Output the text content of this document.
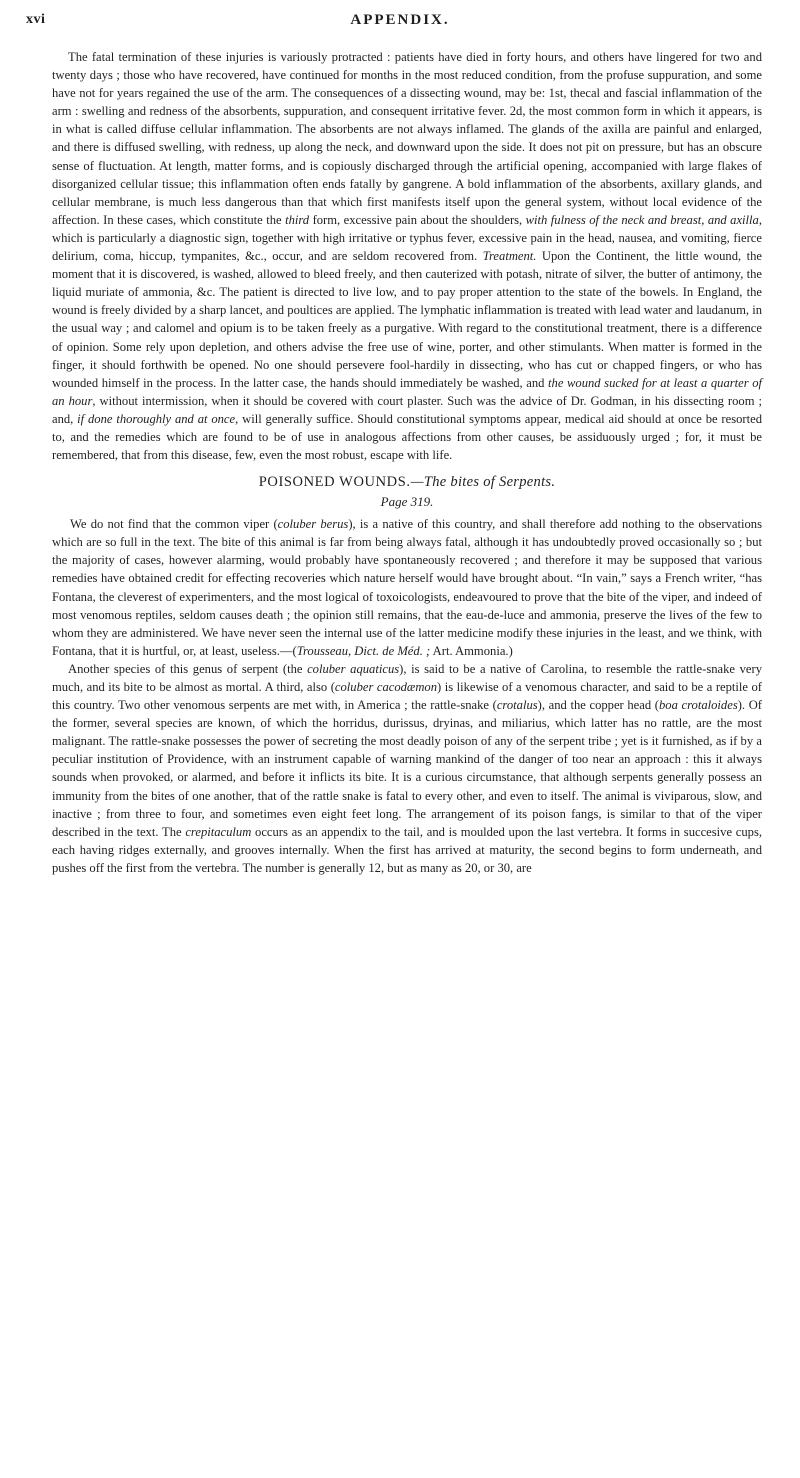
xvi	APPENDIX.

The fatal termination of these injuries is variously protracted : patients have died in forty hours, and others have lingered for two and twenty days ; those who have recovered, have continued for months in the most reduced condition, from the profuse suppuration, and some have not for years regained the use of the arm. The consequences of a dissecting wound, may be: 1st, thecal and fascial inflammation of the arm : swelling and redness of the absorbents, suppuration, and consequent irritative fever. 2d, the most common form in which it appears, is in what is called diffuse cellular inflammation. The absorbents are not always inflamed. The glands of the axilla are painful and enlarged, and there is diffused swelling, with redness, up along the neck, and downward upon the side. It does not pit on pressure, but has an obscure sense of fluctuation. At length, matter forms, and is copiously discharged through the artificial opening, accompanied with large flakes of disorganized cellular tissue; this inflammation often ends fatally by gangrene. A bold inflammation of the absorbents, axillary glands, and cellular membrane, is much less dangerous than that which first manifests itself upon the general system, without local evidence of the affection. In these cases, which constitute the third form, excessive pain about the shoulders, with fulness of the neck and breast, and axilla, which is particularly a diagnostic sign, together with high irritative or typhus fever, excessive pain in the head, nausea, and vomiting, fierce delirium, coma, hiccup, tympanites, &c., occur, and are seldom recovered from. Treatment. Upon the Continent, the little wound, the moment that it is discovered, is washed, allowed to bleed freely, and then cauterized with potash, nitrate of silver, the butter of antimony, the liquid muriate of ammonia, &c. The patient is directed to live low, and to pay proper attention to the state of the bowels. In England, the wound is freely divided by a sharp lancet, and poultices are applied. The lymphatic inflammation is treated with lead water and laudanum, in the usual way ; and calomel and opium is to be taken freely as a purgative. With regard to the constitutional treatment, there is a difference of opinion. Some rely upon depletion, and others advise the free use of wine, porter, and other stimulants. When matter is formed in the finger, it should forthwith be opened. No one should persevere fool-hardily in dissecting, who has cut or chapped fingers, or who has wounded himself in the process. In the latter case, the hands should immediately be washed, and the wound sucked for at least a quarter of an hour, without intermission, when it should be covered with court plaster. Such was the advice of Dr. Godman, in his dissecting room ; and, if done thoroughly and at once, will generally suffice. Should constitutional symptoms appear, medical aid should at once be resorted to, and the remedies which are found to be of use in analogous affections from other causes, be assiduously urged ; for, it must be remembered, that from this disease, few, even the most robust, escape with life.

POISONED WOUNDS.—The bites of Serpents.
Page 319.

We do not find that the common viper (coluber berus), is a native of this country, and shall therefore add nothing to the observations which are so full in the text. The bite of this animal is far from being always fatal, although it has undoubtedly proved occasionally so ; but the majority of cases, however alarming, would probably have spontaneously recovered ; and therefore it may be supposed that various remedies have obtained credit for effecting recoveries which nature herself would have brought about. “In vain,” says a French writer, “has Fontana, the cleverest of experimenters, and the most logical of toxoicologists, endeavoured to prove that the bite of the viper, and indeed of most venomous reptiles, seldom causes death ; the opinion still remains, that the eau-de-luce and ammonia, preserve the lives of the few to whom they are administered. We have never seen the internal use of the latter medicine modify these injuries in the least, and we think, with Fontana, that it is hurtful, or, at least, useless.—(Trousseau, Dict. de Méd. ; Art. Ammonia.)

Another species of this genus of serpent (the coluber aquaticus), is said to be a native of Carolina, to resemble the rattle-snake very much, and its bite to be almost as mortal. A third, also (coluber cacodæmon) is likewise of a venomous character, and said to be a reptile of this country. Two other venomous serpents are met with, in America ; the rattle-snake (crotalus), and the copper head (boa crotaloides). Of the former, several species are known, of which the horridus, durissus, dryinas, and miliarius, which latter has no rattle, are the most malignant. The rattle-snake possesses the power of secreting the most deadly poison of any of the serpent tribe ; yet is it furnished, as if by a peculiar institution of Providence, with an instrument capable of warning mankind of the danger of too near an approach : this it always sounds when provoked, or alarmed, and before it inflicts its bite. It is a curious circumstance, that although serpents generally possess an immunity from the bites of one another, that of the rattle snake is fatal to every other, and even to itself. The animal is viviparous, slow, and inactive ; from three to four, and sometimes even eight feet long. The arrangement of its poison fangs, is similar to that of the viper described in the text. The crepitaculum occurs as an appendix to the tail, and is moulded upon the last vertebra. It forms in succesive cups, each having ridges externally, and grooves internally. When the first has arrived at maturity, the second begins to form underneath, and pushes off the first from the vertebra. The number is generally 12, but as many as 20, or 30, are
